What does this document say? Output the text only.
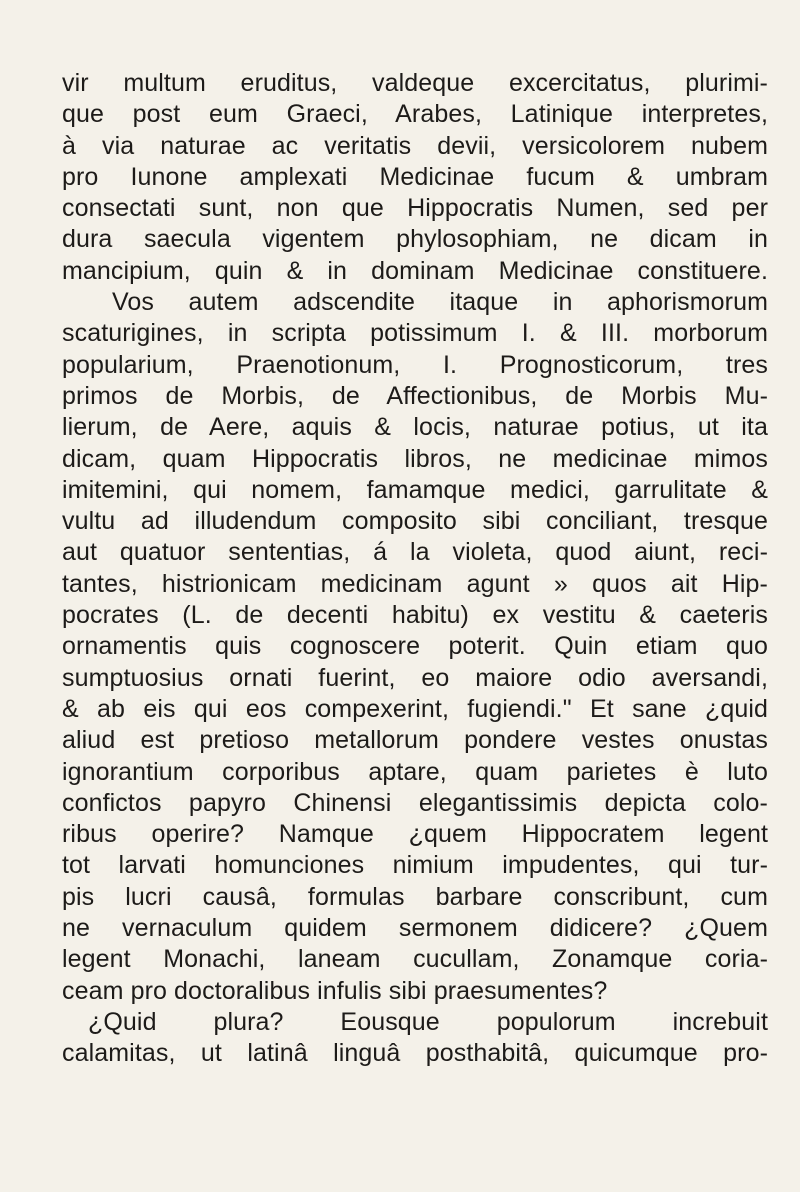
vir multum eruditus, valdeque excercitatus, plurimi-
que post eum Graeci, Arabes, Latinique interpretes,
à via naturae ac veritatis devii, versicolorem nubem
pro Iunone amplexati Medicinae fucum & umbram
consectati sunt, non que Hippocratis Numen, sed per
dura saecula vigentem phylosophiam, ne dicam in
mancipium, quin & in dominam Medicinae constituere.
Vos autem adscendite itaque in aphorismorum
scaturigines, in scripta potissimum I. & III. morborum
popularium, Praenotionum, I. Prognosticorum, tres
primos de Morbis, de Affectionibus, de Morbis Mu-
lierum, de Aere, aquis & locis, naturae potius, ut ita
dicam, quam Hippocratis libros, ne medicinae mimos
imitemini, qui nomem, famamque medici, garrulitate &
vultu ad illudendum composito sibi conciliant, tresque
aut quatuor sententias, á la violeta, quod aiunt, reci-
tantes, histrionicam medicinam agunt » quos ait Hip-
pocrates (L. de decenti habitu) ex vestitu & caeteris
ornamentis quis cognoscere poterit. Quin etiam quo
sumptuosius ornati fuerint, eo maiore odio aversandi,
& ab eis qui eos compexerint, fugiendi." Et sane ¿quid
aliud est pretioso metallorum pondere vestes onustas
ignorantium corporibus aptare, quam parietes è luto
confictos papyro Chinensi elegantissimis depicta colo-
ribus operire? Namque ¿quem Hippocratem legent
tot larvati homunciones nimium impudentes, qui tur-
pis lucri causâ, formulas barbare conscribunt, cum
ne vernaculum quidem sermonem didicere? ¿Quem
legent Monachi, laneam cucullam, Zonamque coria-
ceam pro doctoralibus infulis sibi praesumentes?
¿Quid plura? Eousque populorum increbuit
calamitas, ut latinâ linguâ posthabitâ, quicumque pro-
